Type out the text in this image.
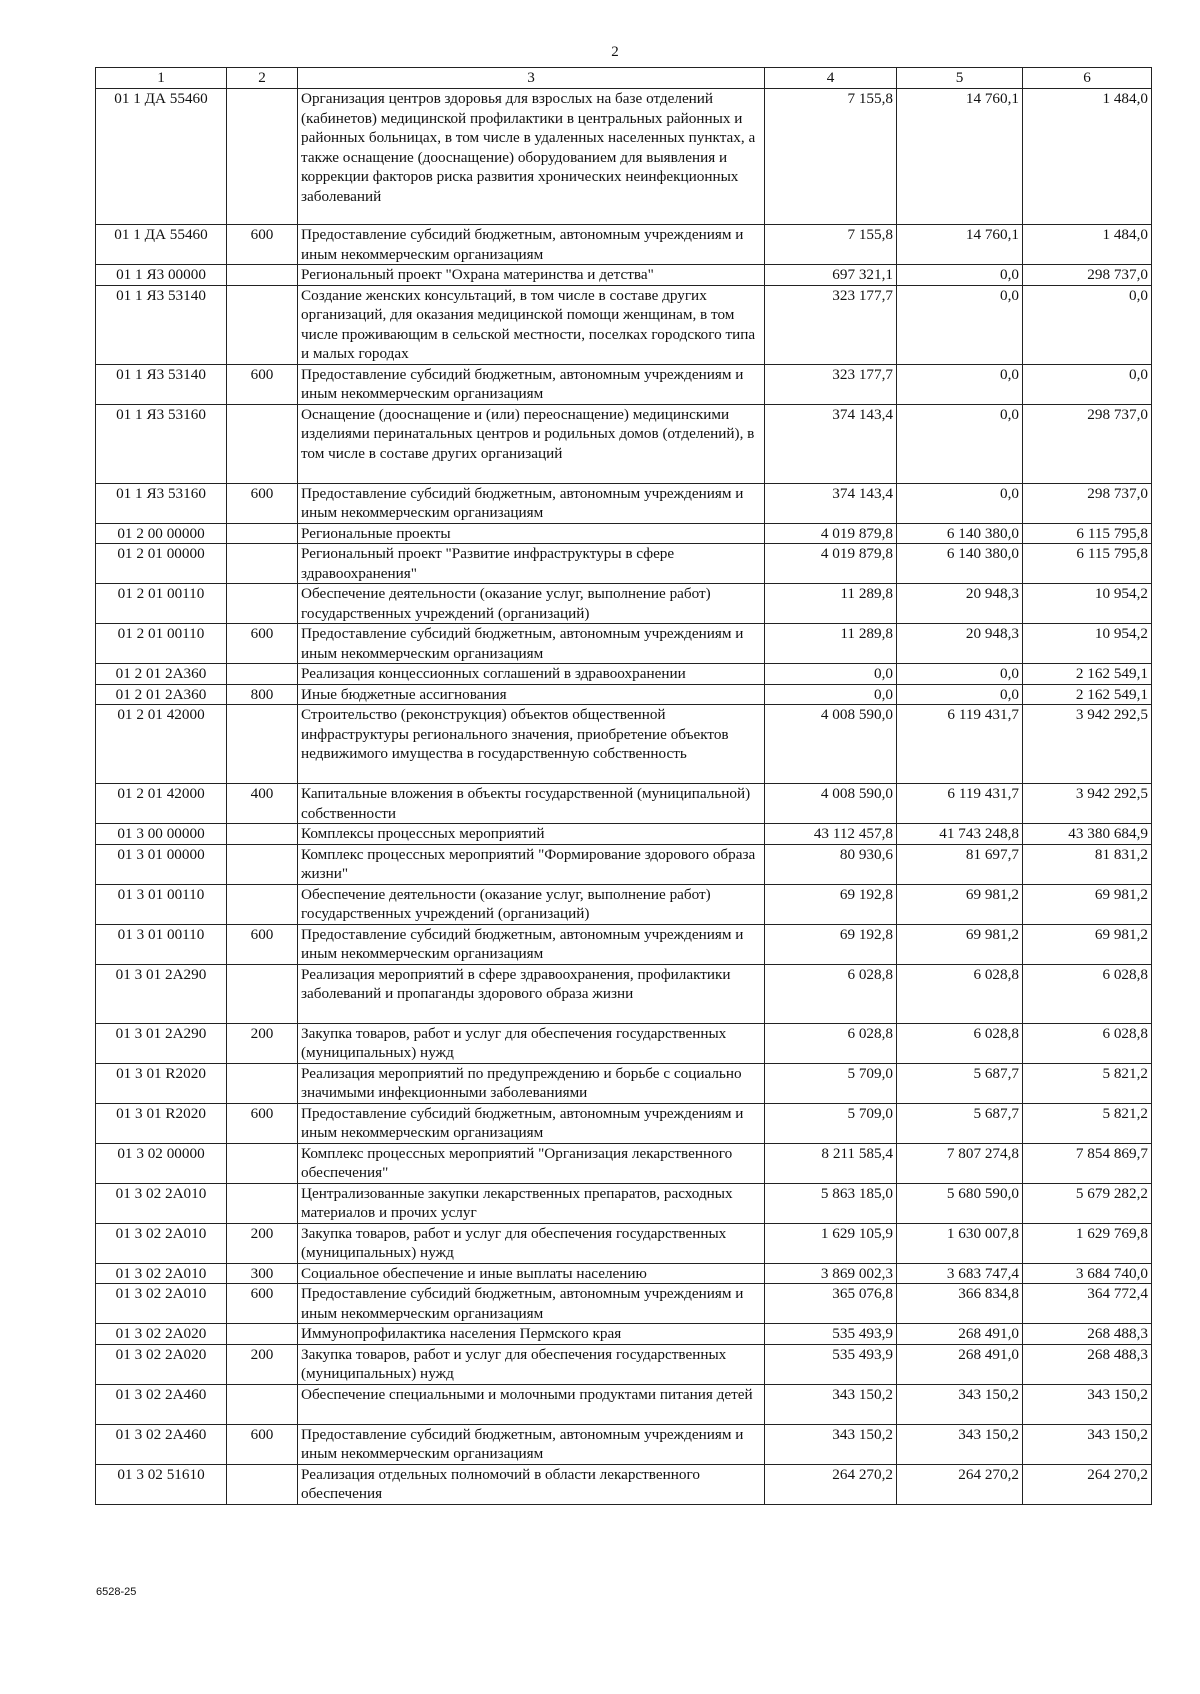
2
1	2	3	4	5	6
01 1 ДА 55460		Организация центров здоровья для взрослых на базе отделений (кабинетов) медицинской профилактики в центральных районных и районных больницах, в том числе в удаленных населенных пунктах, а также оснащение (дооснащение) оборудованием для выявления и коррекции факторов риска развития хронических неинфекционных заболеваний	7 155,8	14 760,1	1 484,0
01 1 ДА 55460	600	Предоставление субсидий бюджетным, автономным учреждениям и иным некоммерческим организациям	7 155,8	14 760,1	1 484,0
01 1 Я3 00000		Региональный проект "Охрана материнства и детства"	697 321,1	0,0	298 737,0
01 1 Я3 53140		Создание женских консультаций, в том числе в составе других организаций, для оказания медицинской помощи женщинам, в том числе проживающим в сельской местности, поселках городского типа и малых городах	323 177,7	0,0	0,0
01 1 Я3 53140	600	Предоставление субсидий бюджетным, автономным учреждениям и иным некоммерческим организациям	323 177,7	0,0	0,0
01 1 Я3 53160		Оснащение (дооснащение и (или) переоснащение) медицинскими изделиями перинатальных центров и родильных домов (отделений), в том числе в составе других организаций	374 143,4	0,0	298 737,0
01 1 Я3 53160	600	Предоставление субсидий бюджетным, автономным учреждениям и иным некоммерческим организациям	374 143,4	0,0	298 737,0
01 2 00 00000		Региональные проекты	4 019 879,8	6 140 380,0	6 115 795,8
01 2 01 00000		Региональный проект "Развитие инфраструктуры в сфере здравоохранения"	4 019 879,8	6 140 380,0	6 115 795,8
01 2 01 00110		Обеспечение деятельности (оказание услуг, выполнение работ) государственных учреждений (организаций)	11 289,8	20 948,3	10 954,2
01 2 01 00110	600	Предоставление субсидий бюджетным, автономным учреждениям и иным некоммерческим организациям	11 289,8	20 948,3	10 954,2
01 2 01 2А360		Реализация концессионных соглашений в здравоохранении	0,0	0,0	2 162 549,1
01 2 01 2А360	800	Иные бюджетные ассигнования	0,0	0,0	2 162 549,1
01 2 01 42000		Строительство (реконструкция) объектов общественной инфраструктуры регионального значения, приобретение объектов недвижимого имущества в государственную собственность	4 008 590,0	6 119 431,7	3 942 292,5
01 2 01 42000	400	Капитальные вложения в объекты государственной (муниципальной) собственности	4 008 590,0	6 119 431,7	3 942 292,5
01 3 00 00000		Комплексы процессных мероприятий	43 112 457,8	41 743 248,8	43 380 684,9
01 3 01 00000		Комплекс процессных мероприятий "Формирование здорового образа жизни"	80 930,6	81 697,7	81 831,2
01 3 01 00110		Обеспечение деятельности (оказание услуг, выполнение работ) государственных учреждений (организаций)	69 192,8	69 981,2	69 981,2
01 3 01 00110	600	Предоставление субсидий бюджетным, автономным учреждениям и иным некоммерческим организациям	69 192,8	69 981,2	69 981,2
01 3 01 2А290		Реализация мероприятий в сфере здравоохранения, профилактики заболеваний и пропаганды здорового образа жизни	6 028,8	6 028,8	6 028,8
01 3 01 2А290	200	Закупка товаров, работ и услуг для обеспечения государственных (муниципальных) нужд	6 028,8	6 028,8	6 028,8
01 3 01 R2020		Реализация мероприятий по предупреждению и борьбе с социально значимыми инфекционными заболеваниями	5 709,0	5 687,7	5 821,2
01 3 01 R2020	600	Предоставление субсидий бюджетным, автономным учреждениям и иным некоммерческим организациям	5 709,0	5 687,7	5 821,2
01 3 02 00000		Комплекс процессных мероприятий "Организация лекарственного обеспечения"	8 211 585,4	7 807 274,8	7 854 869,7
01 3 02 2А010		Централизованные закупки лекарственных препаратов, расходных материалов и прочих услуг	5 863 185,0	5 680 590,0	5 679 282,2
01 3 02 2А010	200	Закупка товаров, работ и услуг для обеспечения государственных (муниципальных) нужд	1 629 105,9	1 630 007,8	1 629 769,8
01 3 02 2А010	300	Социальное обеспечение и иные выплаты населению	3 869 002,3	3 683 747,4	3 684 740,0
01 3 02 2А010	600	Предоставление субсидий бюджетным, автономным учреждениям и иным некоммерческим организациям	365 076,8	366 834,8	364 772,4
01 3 02 2А020		Иммунопрофилактика населения Пермского края	535 493,9	268 491,0	268 488,3
01 3 02 2А020	200	Закупка товаров, работ и услуг для обеспечения государственных (муниципальных) нужд	535 493,9	268 491,0	268 488,3
01 3 02 2А460		Обеспечение специальными и молочными продуктами питания детей	343 150,2	343 150,2	343 150,2
01 3 02 2А460	600	Предоставление субсидий бюджетным, автономным учреждениям и иным некоммерческим организациям	343 150,2	343 150,2	343 150,2
01 3 02 51610		Реализация отдельных полномочий в области лекарственного обеспечения	264 270,2	264 270,2	264 270,2
6528-25
